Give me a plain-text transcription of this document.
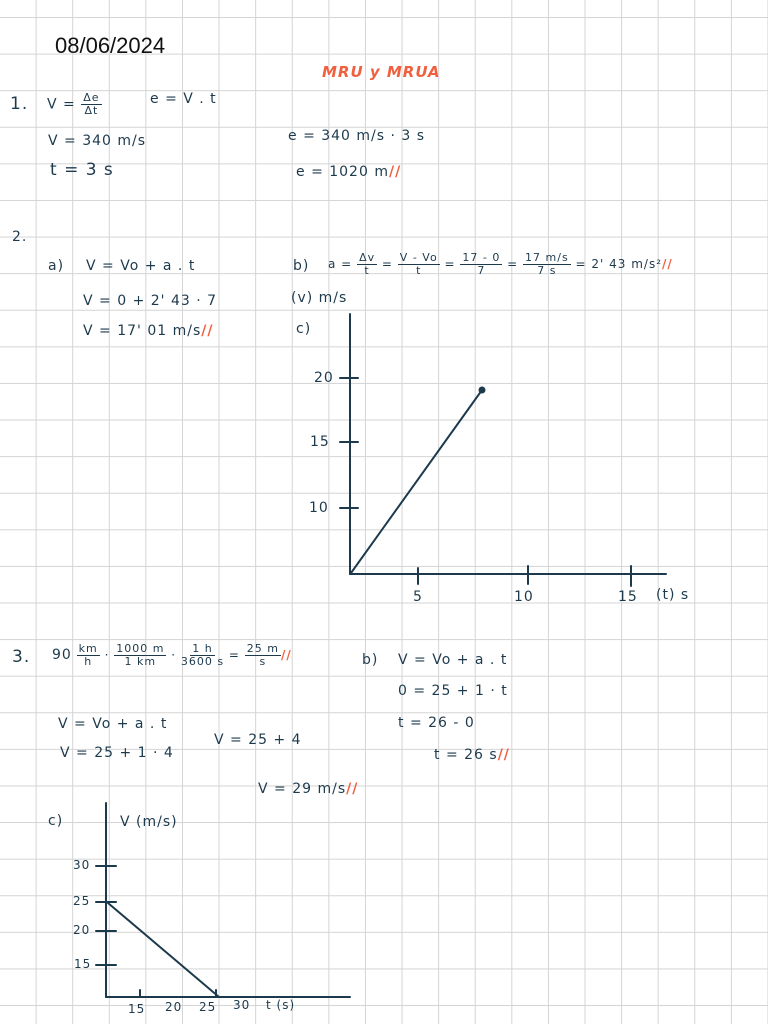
08/06/2024
MRU y MRUA
1. $V = \frac{\Delta e}{\Delta t}$	e = V . t
V = 340 m/s
t = 3 s
e = 340 m/s · 3 s
e = 1020 m//
2.
a) V = Vo + a . t
V = 0 + 2' 43 · 7
V = 17' 01 m/s//
b) $a = \frac{\Delta v}{t} = \frac{V - Vo}{t} = \frac{17 - 0}{7} = \frac{17 m/s}{7 s} = 2'$ 43 m/s²//
(v) m/s
c)
20
15
10
5	10	15 (t) s
3. $90 \frac{km}{h} \cdot \frac{1000 m}{1 km} \cdot \frac{1 h}{3600 s} = \frac{25 m}{s}$ //
V = Vo + a . t
V = 25 + 1 · 4
V = 25 + 4
V = 29 m/s//
b) V = Vo + a . t
0 = 25 + 1 · t
t = 26 - 0
t = 26 s//
c)	V (m/s)
30
25
20
15
15 20 25 30 t (s)
